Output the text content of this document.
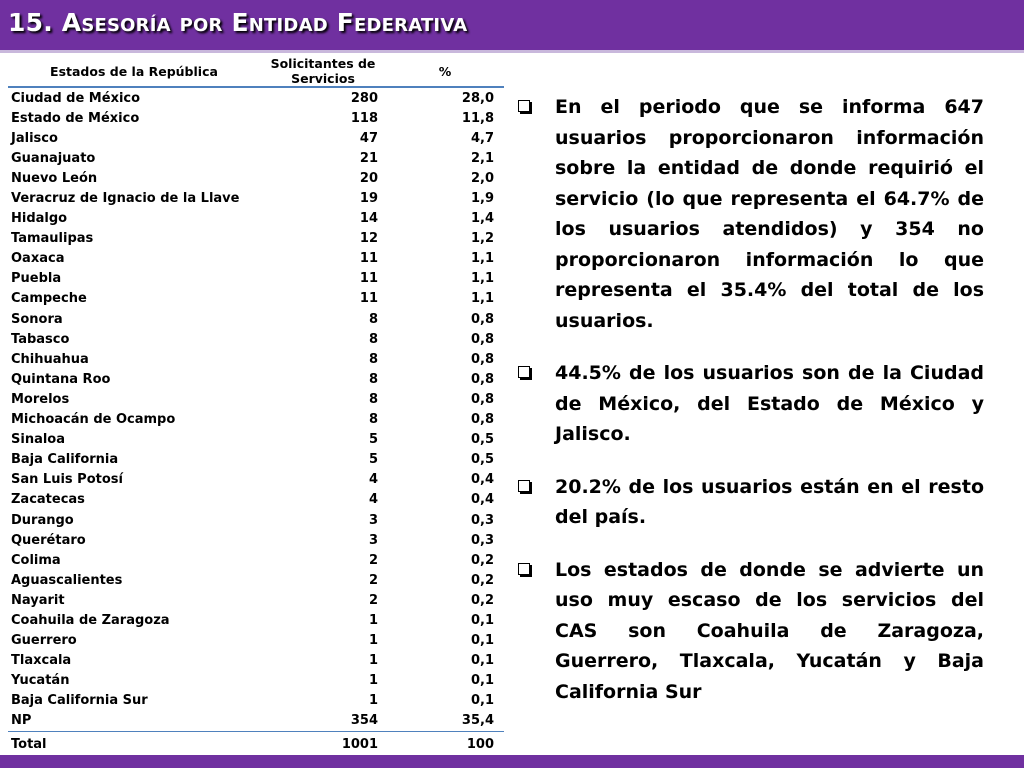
15. Asesoría por Entidad Federativa
Estados de la República	Solicitantes de Servicios	%
Ciudad de México	280	28,0
Estado de México	118	11,8
Jalisco	47	4,7
Guanajuato	21	2,1
Nuevo León	20	2,0
Veracruz de Ignacio de la Llave	19	1,9
Hidalgo	14	1,4
Tamaulipas	12	1,2
Oaxaca	11	1,1
Puebla	11	1,1
Campeche	11	1,1
Sonora	8	0,8
Tabasco	8	0,8
Chihuahua	8	0,8
Quintana Roo	8	0,8
Morelos	8	0,8
Michoacán de Ocampo	8	0,8
Sinaloa	5	0,5
Baja California	5	0,5
San Luis Potosí	4	0,4
Zacatecas	4	0,4
Durango	3	0,3
Querétaro	3	0,3
Colima	2	0,2
Aguascalientes	2	0,2
Nayarit	2	0,2
Coahuila de Zaragoza	1	0,1
Guerrero	1	0,1
Tlaxcala	1	0,1
Yucatán	1	0,1
Baja California Sur	1	0,1
NP	354	35,4
Total	1001	100
En el periodo que se informa 647 usuarios proporcionaron información sobre la entidad de donde requirió el servicio (lo que representa el 64.7% de los usuarios atendidos) y 354 no proporcionaron información lo que representa el 35.4% del total de los usuarios.
44.5% de los usuarios son de la Ciudad de México, del Estado de México y Jalisco.
20.2% de los usuarios están en el resto del país.
Los estados de donde se advierte un uso muy escaso de los servicios del CAS son Coahuila de Zaragoza, Guerrero, Tlaxcala, Yucatán y Baja California Sur
